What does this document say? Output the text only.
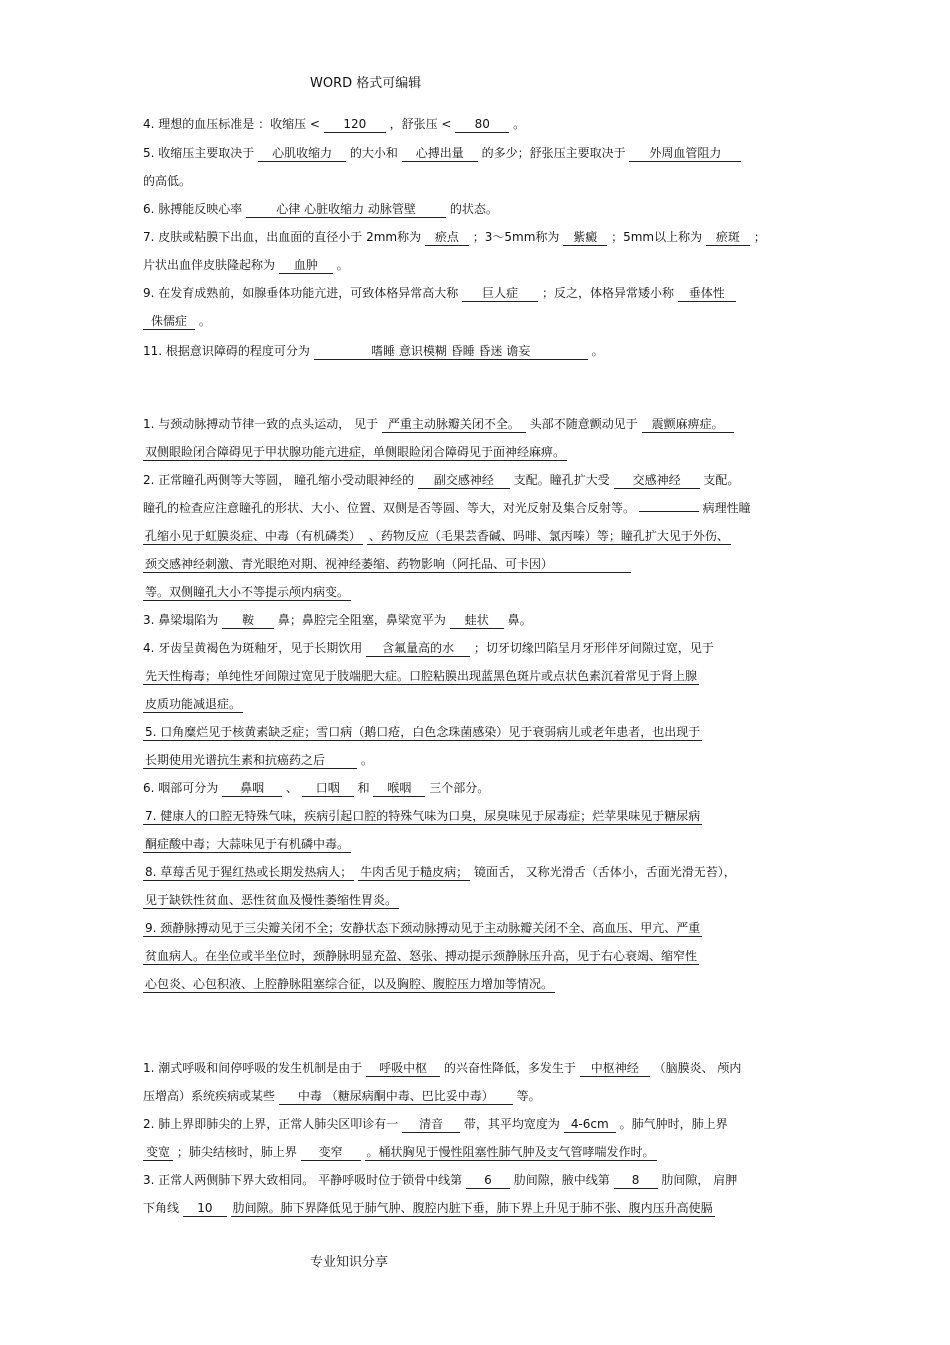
WORD 格式可编辑
4. 理想的血压标准是 ：收缩压 < 120 ，舒张压 < 80 。
5. 收缩压主要取决于 心肌收缩力 的大小和 心搏出量 的多少；舒张压主要取决于 外周血管阻力
的高低。
6. 脉搏能反映心率	心律 心脏收缩力 动脉管壁	的状态。
7. 皮肤或粘膜下出血，出血面的直径小于 2mm称为 瘀点 ；3～5mm称为 紫癜 ；5mm以上称为 瘀斑 ；
片状出血伴皮肤隆起称为 血肿 。
9. 在发育成熟前，如腺垂体功能亢进，可致体格异常高大称 巨人症 ；反之，体格异常矮小称 垂体性
侏儒症 。
11. 根据意识障碍的程度可分为	嗜睡 意识模糊 昏睡 昏迷 谵妄	。
1. 与颈动脉搏动节律一致的点头运动， 见于 严重主动脉瓣关闭不全。 头部不随意颤动见于 震颤麻痹症。
双侧眼睑闭合障碍见于甲状腺功能亢进症，单侧眼睑闭合障碍见于面神经麻痹。
2. 正常瞳孔两侧等大等圆， 瞳孔缩小受动眼神经的 副交感神经 支配。瞳孔扩大受 交感神经 支配。
瞳孔的检查应注意瞳孔的形状、大小、位置、双侧是否等圆、等大，对光反射及集合反射等。	病理性瞳
孔缩小见于虹膜炎症、中毒（有机磷类） 、药物反应（毛果芸香碱、吗啡、氯丙嗪）等；瞳孔扩大见于外伤、
颈交感神经刺激、青光眼绝对期、视神经萎缩、药物影响（阿托品、可卡因）
等。双侧瞳孔大小不等提示颅内病变。
3. 鼻梁塌陷为 鞍 鼻；鼻腔完全阻塞，鼻梁宽平为 蛙状 鼻。
4. 牙齿呈黄褐色为斑釉牙，见于长期饮用 含氟量高的水 ；切牙切缘凹陷呈月牙形伴牙间隙过宽，见于
先天性梅毒；单纯性牙间隙过宽见于肢端肥大症。口腔粘膜出现蓝黑色斑片或点状色素沉着常见于肾上腺
皮质功能减退症。
5. 口角糜烂见于核黄素缺乏症；雪口病（鹅口疮，白色念珠菌感染）见于衰弱病儿或老年患者，也出现于
长期使用光谱抗生素和抗癌药之后	。
6. 咽部可分为 鼻咽 、 口咽 和 喉咽 三个部分。
7. 健康人的口腔无特殊气味，疾病引起口腔的特殊气味为口臭，尿臭味见于尿毒症；烂苹果味见于糖尿病
酮症酸中毒；大蒜味见于有机磷中毒。
8. 草莓舌见于猩红热或长期发热病人； 牛肉舌见于糙皮病； 镜面舌， 又称光滑舌（舌体小，舌面光滑无苔），
见于缺铁性贫血、恶性贫血及慢性萎缩性胃炎。
9. 颈静脉搏动见于三尖瓣关闭不全；安静状态下颈动脉搏动见于主动脉瓣关闭不全、高血压、甲亢、严重
贫血病人。在坐位或半坐位时，颈静脉明显充盈、怒张、搏动提示颈静脉压升高，见于右心衰竭、缩窄性
心包炎、心包积液、上腔静脉阻塞综合征，以及胸腔、腹腔压力增加等情况。
1. 潮式呼吸和间停呼吸的发生机制是由于 呼吸中枢 的兴奋性降低，多发生于 中枢神经 （脑膜炎、 颅内
压增高）系统疾病或某些 中毒 （糖尿病酮中毒、巴比妥中毒） 等。
2. 肺上界即肺尖的上界，正常人肺尖区叩诊有一 清音 带，其平均宽度为 4-6cm 。肺气肿时，肺上界
变宽 ；肺尖结核时，肺上界 变窄 。桶状胸见于慢性阻塞性肺气肿及支气管哮喘发作时。
3. 正常人两侧肺下界大致相同。 平静呼吸时位于锁骨中线第 6 肋间隙，腋中线第 8 肋间隙， 肩胛
下角线 10 肋间隙。肺下界降低见于肺气肿、腹腔内脏下垂，肺下界上升见于肺不张、腹内压升高使膈
专业知识分享
